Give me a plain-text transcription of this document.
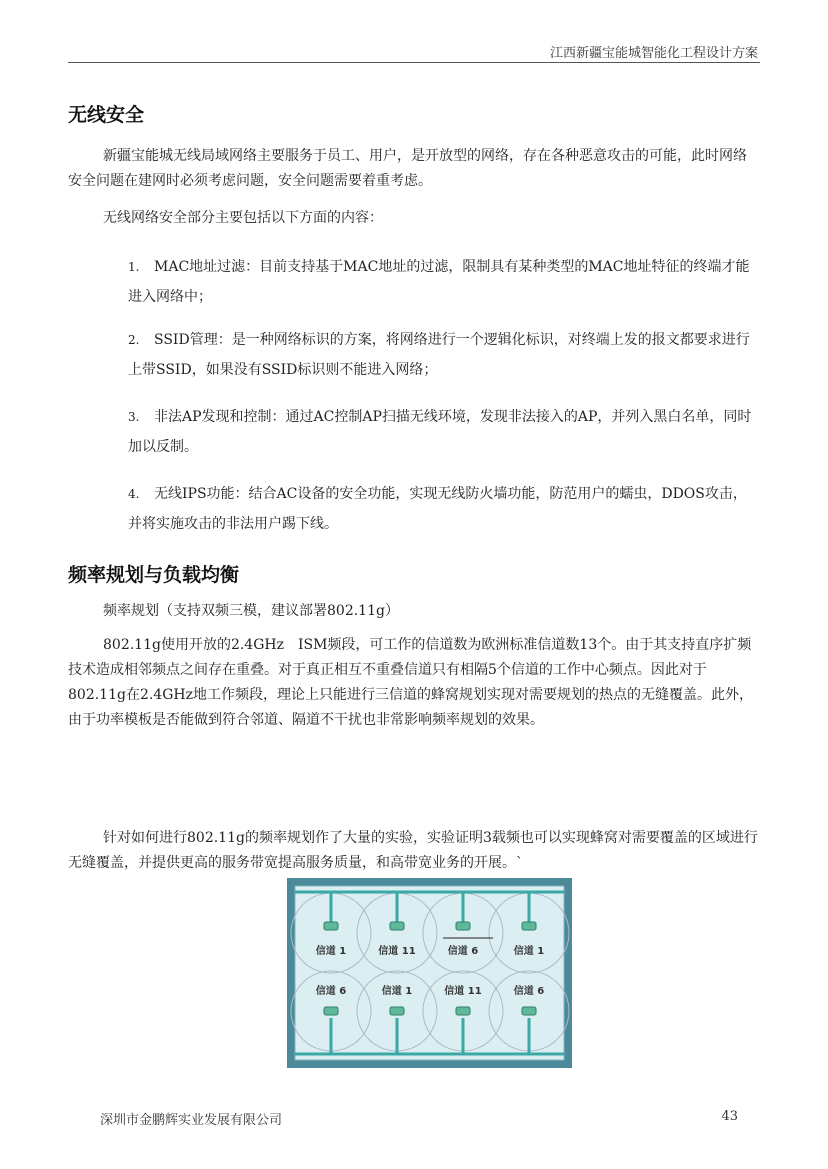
江西新疆宝能城智能化工程设计方案
无线安全
新疆宝能城无线局域网络主要服务于员工、用户，是开放型的网络，存在各种恶意攻击的可能，此时网络安全问题在建网时必须考虑问题，安全问题需要着重考虑。
无线网络安全部分主要包括以下方面的内容：
1. MAC地址过滤：目前支持基于MAC地址的过滤，限制具有某种类型的MAC地址特征的终端才能进入网络中；
2. SSID管理：是一种网络标识的方案，将网络进行一个逻辑化标识，对终端上发的报文都要求进行上带SSID，如果没有SSID标识则不能进入网络；
3. 非法AP发现和控制：通过AC控制AP扫描无线环境，发现非法接入的AP，并列入黑白名单，同时加以反制。
4. 无线IPS功能：结合AC设备的安全功能，实现无线防火墙功能，防范用户的蠕虫，DDOS攻击，并将实施攻击的非法用户踢下线。
频率规划与负载均衡
频率规划（支持双频三模，建议部署802.11g）
802.11g使用开放的2.4GHz　ISM频段，可工作的信道数为欧洲标准信道数13个。由于其支持直序扩频技术造成相邻频点之间存在重叠。对于真正相互不重叠信道只有相隔5个信道的工作中心频点。因此对于802.11g在2.4GHz地工作频段，理论上只能进行三信道的蜂窝规划实现对需要规划的热点的无缝覆盖。此外，由于功率模板是否能做到符合邻道、隔道不干扰也非常影响频率规划的效果。
针对如何进行802.11g的频率规划作了大量的实验，实验证明3载频也可以实现蜂窝对需要覆盖的区域进行无缝覆盖，并提供更高的服务带宽提高服务质量，和高带宽业务的开展。`
信道 1	信道 11	信道 6	信道 1
信道 6	信道 1	信道 11	信道 6
深圳市金鹏辉实业发展有限公司	43
